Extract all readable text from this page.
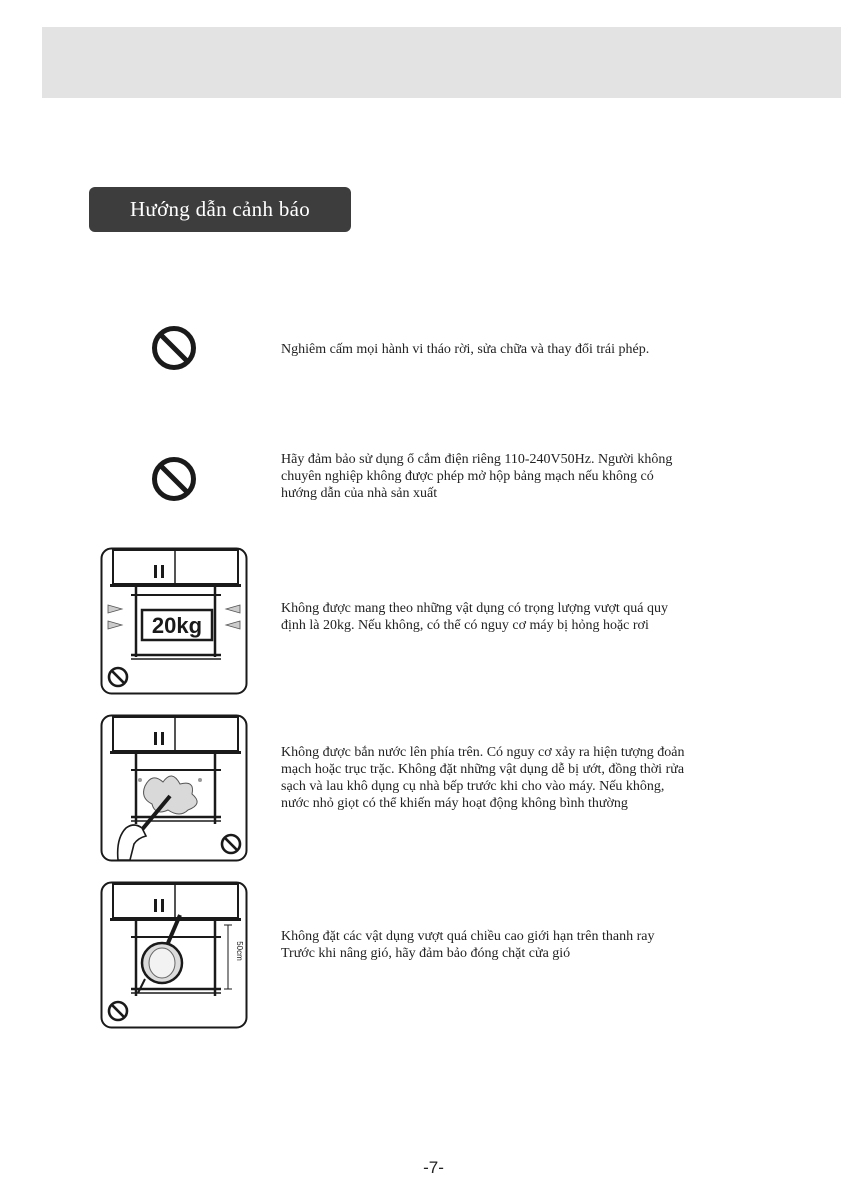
Hướng dẫn cảnh báo
Nghiêm cấm mọi hành vi tháo rời, sửa chữa và thay đổi trái phép.
Hãy đảm bảo sử dụng ổ cắm điện riêng 110-240V50Hz. Người không
chuyên nghiệp không được phép mở hộp bảng mạch nếu không có
hướng dẫn của nhà sản xuất
20kg
Không được mang theo những vật dụng có trọng lượng vượt quá quy
định là 20kg. Nếu không, có thể có nguy cơ máy bị hỏng hoặc rơi
Không được bắn nước lên phía trên. Có nguy cơ xảy ra hiện tượng đoản
mạch hoặc trục trặc. Không đặt những vật dụng dễ bị ướt, đồng thời rửa
sạch và lau khô dụng cụ nhà bếp trước khi cho vào máy. Nếu không,
nước nhỏ giọt có thể khiến máy hoạt động không bình thường
50cm
Không đặt các vật dụng vượt quá chiều cao giới hạn trên thanh ray
Trước khi nâng gió, hãy đảm bảo đóng chặt cửa gió
-7-
